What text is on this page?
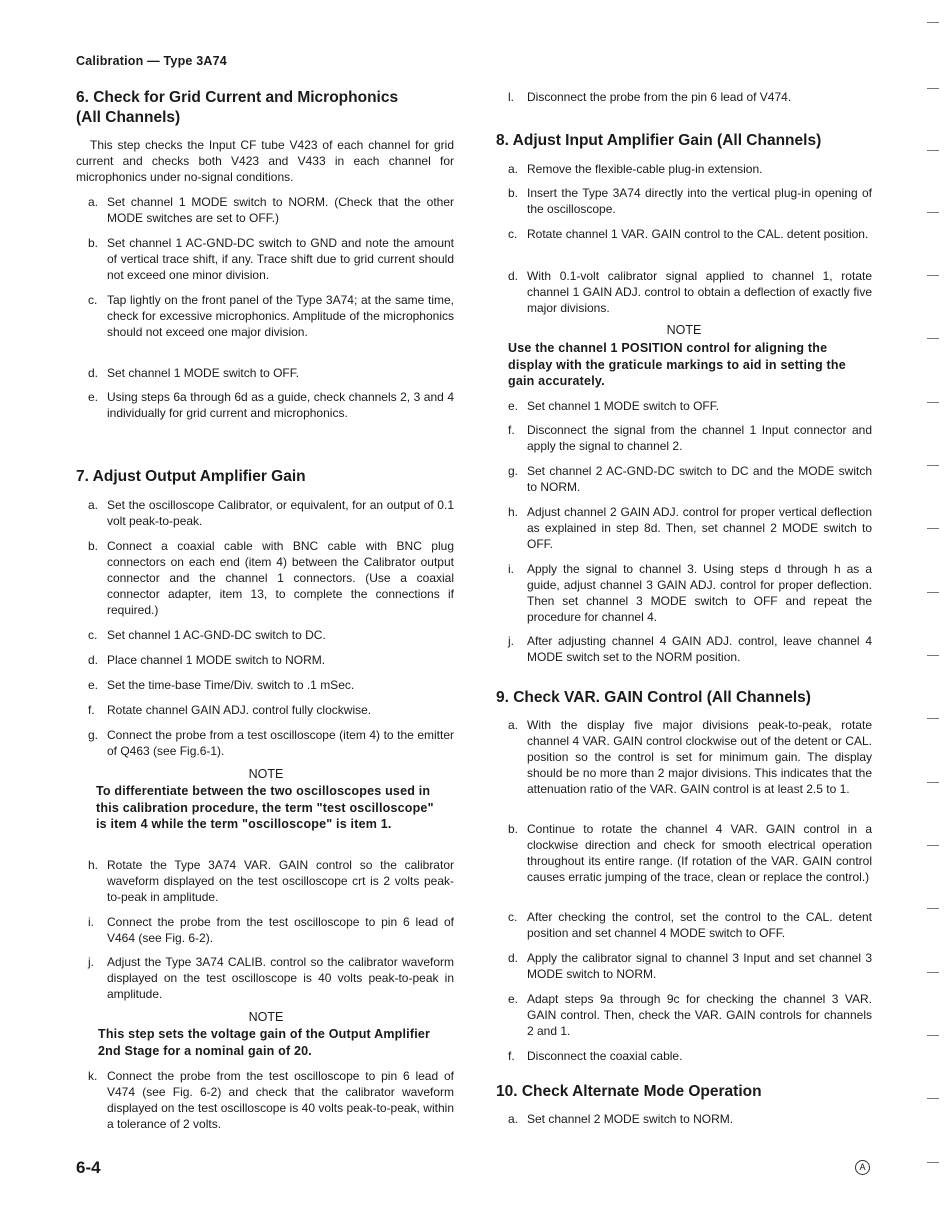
Calibration — Type 3A74
6. Check for Grid Current and Microphonics
(All Channels)

This step checks the Input CF tube V423 of each channel for grid current and checks both V423 and V433 in each channel for microphonics under no-signal conditions.

a. Set channel 1 MODE switch to NORM. (Check that the other MODE switches are set to OFF.)
b. Set channel 1 AC-GND-DC switch to GND and note the amount of vertical trace shift, if any. Trace shift due to grid current should not exceed one minor division.
c. Tap lightly on the front panel of the Type 3A74; at the same time, check for excessive microphonics. Amplitude of the microphonics should not exceed one major division.
d. Set channel 1 MODE switch to OFF.
e. Using steps 6a through 6d as a guide, check channels 2, 3 and 4 individually for grid current and microphonics.
7. Adjust Output Amplifier Gain
a. Set the oscilloscope Calibrator, or equivalent, for an output of 0.1 volt peak-to-peak.
b. Connect a coaxial cable with BNC cable with BNC plug connectors on each end (item 4) between the Calibrator output connector and the channel 1 connectors. (Use a coaxial connector adapter, item 13, to complete the connections if required.)
c. Set channel 1 AC-GND-DC switch to DC.
d. Place channel 1 MODE switch to NORM.
e. Set the time-base Time/Div. switch to .1 mSec.
f.	Rotate channel GAIN ADJ. control fully clockwise.
g. Connect the probe from a test oscilloscope (item 4) to the emitter of Q463 (see Fig.6-1).

NOTE

To differentiate between the two oscilloscopes used in this calibration procedure, the term "test oscilloscope" is item 4 while the term "oscilloscope" is item 1.

h. Rotate the Type 3A74 VAR. GAIN control so the calibrator waveform displayed on the test oscilloscope crt is 2 volts peak-to-peak in amplitude.
i.	Connect the probe from the test oscilloscope to pin 6 lead of V464 (see Fig. 6-2).
j.	Adjust the Type 3A74 CALIB. control so the calibrator waveform displayed on the test oscilloscope is 40 volts peak-to-peak in amplitude.

NOTE

This step sets the voltage gain of the Output Amplifier 2nd Stage for a nominal gain of 20.

k. Connect the probe from the test oscilloscope to pin 6 lead of V474 (see Fig. 6-2) and check that the calibrator waveform displayed on the test oscilloscope is 40 volts peak-to-peak, within a tolerance of 2 volts.
l.	Disconnect the probe from the pin 6 lead of V474.
8. Adjust Input Amplifier Gain (All Channels)
a. Remove the flexible-cable plug-in extension.
b. Insert the Type 3A74 directly into the vertical plug-in opening of the oscilloscope.
c. Rotate channel 1 VAR. GAIN control to the CAL. detent position.
d. With 0.1-volt calibrator signal applied to channel 1, rotate channel 1 GAIN ADJ. control to obtain a deflection of exactly five major divisions.

NOTE

Use the channel 1 POSITION control for aligning the display with the graticule markings to aid in setting the gain accurately.

e. Set channel 1 MODE switch to OFF.
f.	Disconnect the signal from the channel 1 Input connector and apply the signal to channel 2.
g. Set channel 2 AC-GND-DC switch to DC and the MODE switch to NORM.
h. Adjust channel 2 GAIN ADJ. control for proper vertical deflection as explained in step 8d. Then, set channel 2 MODE switch to OFF.
i.	Apply the signal to channel 3. Using steps d through h as a guide, adjust channel 3 GAIN ADJ. control for proper deflection. Then set channel 3 MODE switch to OFF and repeat the procedure for channel 4.
j.	After adjusting channel 4 GAIN ADJ. control, leave channel 4 MODE switch set to the NORM position.
9. Check VAR. GAIN Control (All Channels)
a. With the display five major divisions peak-to-peak, rotate channel 4 VAR. GAIN control clockwise out of the detent or CAL. position so the control is set for minimum gain. The display should be no more than 2 major divisions. This indicates that the attenuation ratio of the VAR. GAIN control is at least 2.5 to 1.
b. Continue to rotate the channel 4 VAR. GAIN control in a clockwise direction and check for smooth electrical operation throughout its entire range. (If rotation of the VAR. GAIN control causes erratic jumping of the trace, clean or replace the control.)
c. After checking the control, set the control to the CAL. detent position and set channel 4 MODE switch to OFF.
d. Apply the calibrator signal to channel 3 Input and set channel 3 MODE switch to NORM.
e. Adapt steps 9a through 9c for checking the channel 3 VAR. GAIN control. Then, check the VAR. GAIN controls for channels 2 and 1.
f.	Disconnect the coaxial cable.
10. Check Alternate Mode Operation
a. Set channel 2 MODE switch to NORM.
6-4	A
